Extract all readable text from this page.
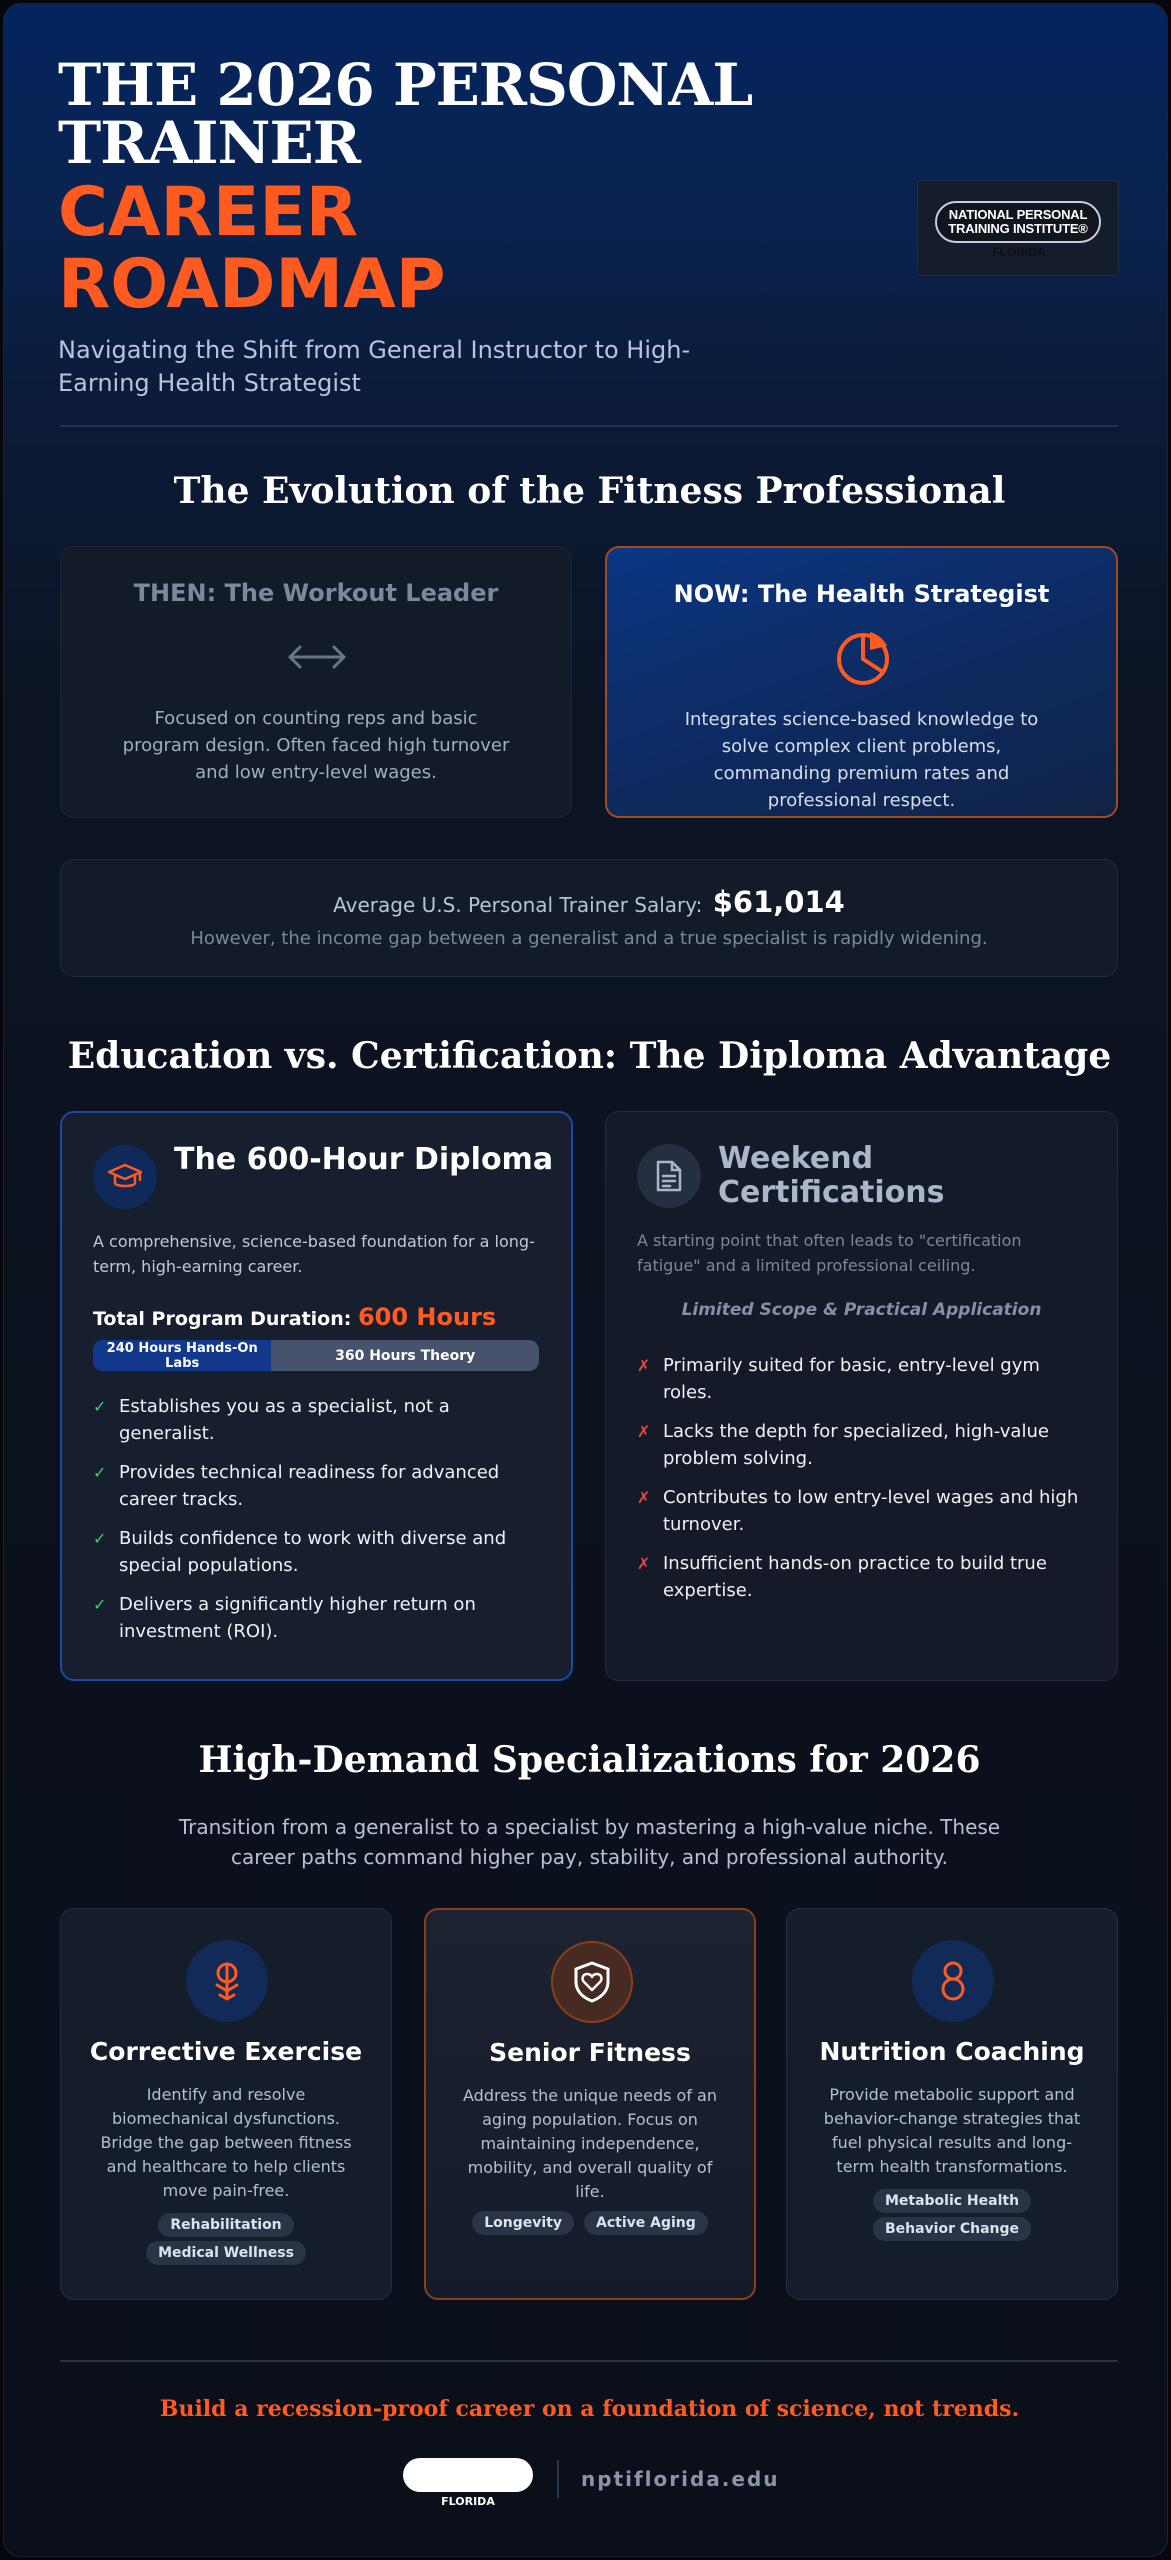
THE 2026 PERSONAL
TRAINER
CAREER
ROADMAP
Navigating the Shift from General Instructor to High-Earning Health Strategist
NATIONAL PERSONAL
TRAINING INSTITUTE®
FLORIDA
The Evolution of the Fitness Professional
THEN: The Workout Leader
Focused on counting reps and basic program design. Often faced high turnover and low entry-level wages.
NOW: The Health Strategist
Integrates science-based knowledge to solve complex client problems, commanding premium rates and professional respect.
Average U.S. Personal Trainer Salary: $61,014
However, the income gap between a generalist and a true specialist is rapidly widening.
Education vs. Certification: The Diploma Advantage
The 600-Hour Diploma
A comprehensive, science-based foundation for a long-term, high-earning career.
Total Program Duration: 600 Hours
240 Hours Hands-On Labs	360 Hours Theory
✓ Establishes you as a specialist, not a generalist.
✓ Provides technical readiness for advanced career tracks.
✓ Builds confidence to work with diverse and special populations.
✓ Delivers a significantly higher return on investment (ROI).
Weekend Certifications
A starting point that often leads to "certification fatigue" and a limited professional ceiling.
Limited Scope & Practical Application
✗ Primarily suited for basic, entry-level gym roles.
✗ Lacks the depth for specialized, high-value problem solving.
✗ Contributes to low entry-level wages and high turnover.
✗ Insufficient hands-on practice to build true expertise.
High-Demand Specializations for 2026
Transition from a generalist to a specialist by mastering a high-value niche. These career paths command higher pay, stability, and professional authority.
Corrective Exercise
Identify and resolve biomechanical dysfunctions. Bridge the gap between fitness and healthcare to help clients move pain-free.
Rehabilitation
Medical Wellness
Senior Fitness
Address the unique needs of an aging population. Focus on maintaining independence, mobility, and overall quality of life.
Longevity	Active Aging
Nutrition Coaching
Provide metabolic support and behavior-change strategies that fuel physical results and long-term health transformations.
Metabolic Health
Behavior Change
Build a recession-proof career on a foundation of science, not trends.
FLORIDA
nptiflorida.edu
